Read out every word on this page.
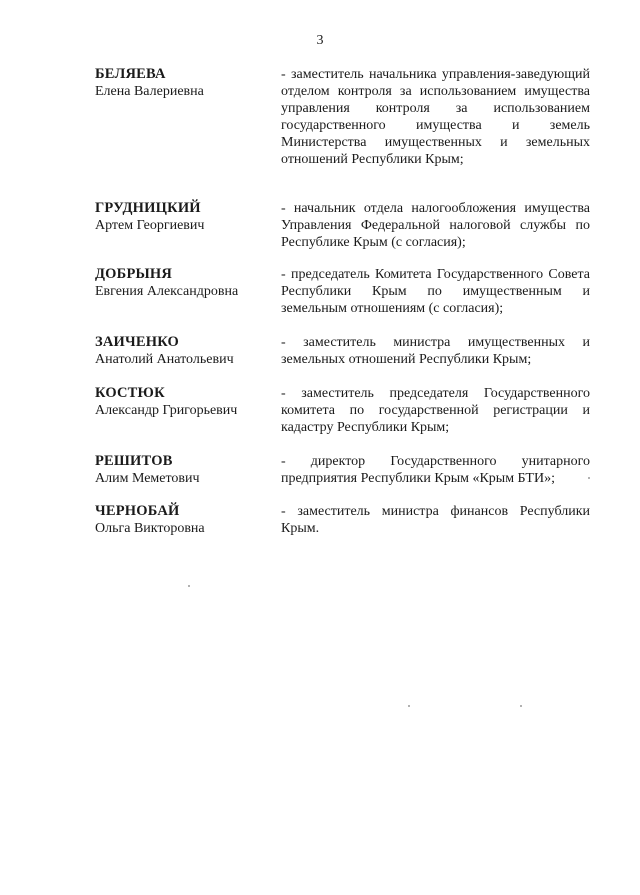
3
БЕЛЯЕВА
Елена Валериевна
- заместитель начальника управления-заведующий отделом контроля за использованием имущества управления контроля за использованием государственного имущества и земель Министерства имущественных и земельных отношений Республики Крым;
ГРУДНИЦКИЙ
Артем Георгиевич
- начальник отдела налогообложения имущества Управления Федеральной налоговой службы по Республике Крым (с согласия);
ДОБРЫНЯ
Евгения Александровна
- председатель Комитета Государственного Совета Республики Крым по имущественным и земельным отношениям (с согласия);
ЗАИЧЕНКО
Анатолий Анатольевич
- заместитель министра имущественных и земельных отношений Республики Крым;
КОСТЮК
Александр Григорьевич
- заместитель председателя Государственного комитета по государственной регистрации и кадастру Республики Крым;
РЕШИТОВ
Алим Меметович
- директор Государственного унитарного предприятия Республики Крым «Крым БТИ»;
ЧЕРНОБАЙ
Ольга Викторовна
- заместитель министра финансов Республики Крым.
